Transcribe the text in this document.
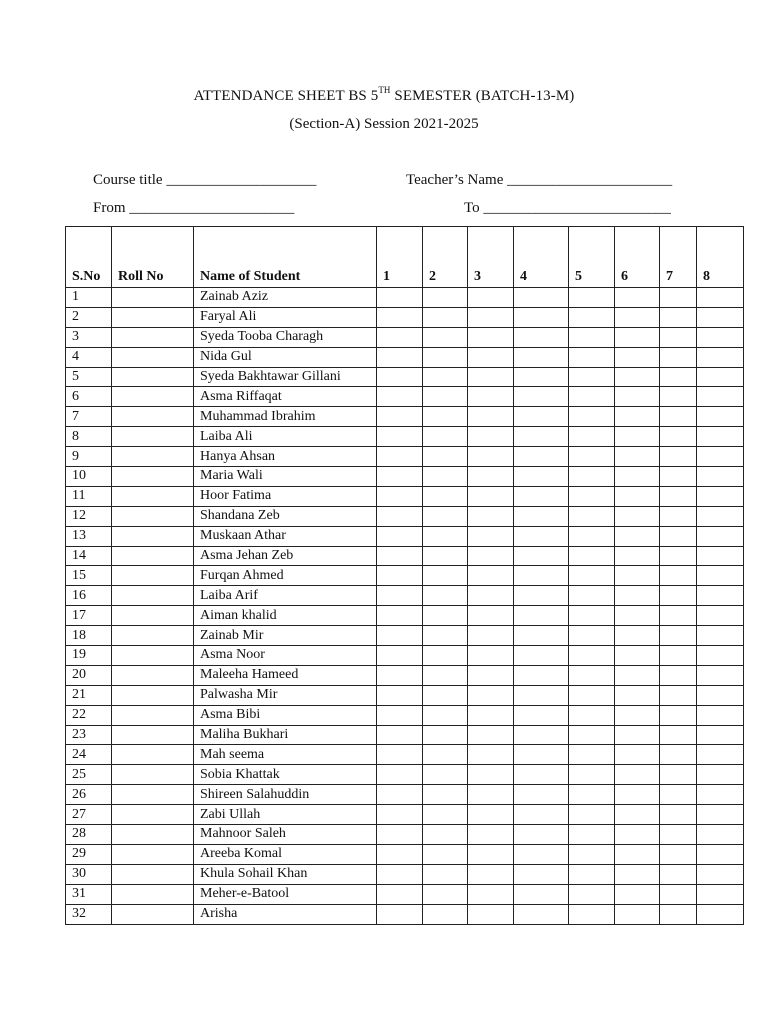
ATTENDANCE SHEET BS 5TH SEMESTER (BATCH-13-M)
(Section-A) Session 2021-2025
Course title ____________________	Teacher’s Name ______________________
From ______________________	To _________________________
S.No	Roll No	Name of Student	1	2	3	4	5	6	7	8
1		Zainab Aziz								
2		Faryal Ali								
3		Syeda Tooba Charagh								
4		Nida Gul								
5		Syeda Bakhtawar Gillani								
6		Asma Riffaqat								
7		Muhammad Ibrahim								
8		Laiba Ali								
9		Hanya Ahsan								
10		Maria Wali								
11		Hoor Fatima								
12		Shandana Zeb								
13		Muskaan Athar								
14		Asma Jehan Zeb								
15		Furqan Ahmed								
16		Laiba Arif								
17		Aiman khalid								
18		Zainab Mir								
19		Asma Noor								
20		Maleeha Hameed								
21		Palwasha Mir								
22		Asma Bibi								
23		Maliha Bukhari								
24		Mah seema								
25		Sobia Khattak								
26		Shireen Salahuddin								
27		Zabi Ullah								
28		Mahnoor Saleh								
29		Areeba Komal								
30		Khula Sohail Khan								
31		Meher-e-Batool								
32		Arisha								
